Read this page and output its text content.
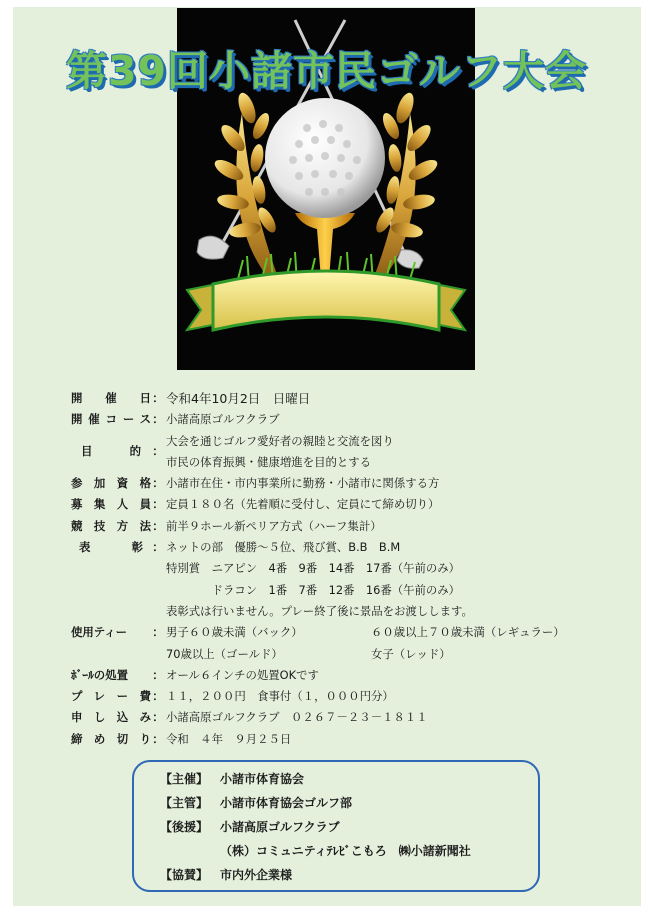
第39回小諸市民ゴルフ大会
開催日 ： 令和4年10月2日　日曜日
開催コース ： 小諸高原ゴルフクラブ
目的 ：
大会を通じゴルフ愛好者の親睦と交流を図り
市民の体育振興・健康増進を目的とする
参加資格 ： 小諸市在住・市内事業所に勤務・小諸市に関係する方
募集人員 ： 定員１８０名（先着順に受付し、定員にて締め切り）
競技方法 ： 前半９ホール新ペリア方式（ハーフ集計）
表彰 ： ネットの部　優勝～５位、飛び賞、B.B　B.M
特別賞　ニアピン　4番　9番　14番　17番（午前のみ）
　　　　ドラコン　1番　7番　12番　16番（午前のみ）
表彰式は行いません。プレー終了後に景品をお渡しします。
使用ティー	： 男子６０歳未満（バック）	６０歳以上７０歳未満（レギュラー）
70歳以上（ゴールド）	女子（レッド）
ﾎﾞｰﾙの処置	： オール６インチの処置OKです
プレー費 ： １１，２００円　食事付（１，０００円分）
申し込み ： 小諸高原ゴルフクラブ　０２６７－２３－１８１１
締め切り ： 令和　４年　９月２５日
【主催】 小諸市体育協会
【主管】 小諸市体育協会ゴルフ部
【後援】 小諸高原ゴルフクラブ
（株）コミュニティﾃﾚﾋﾞこもろ　㈱小諸新聞社
【協賛】 市内外企業様
